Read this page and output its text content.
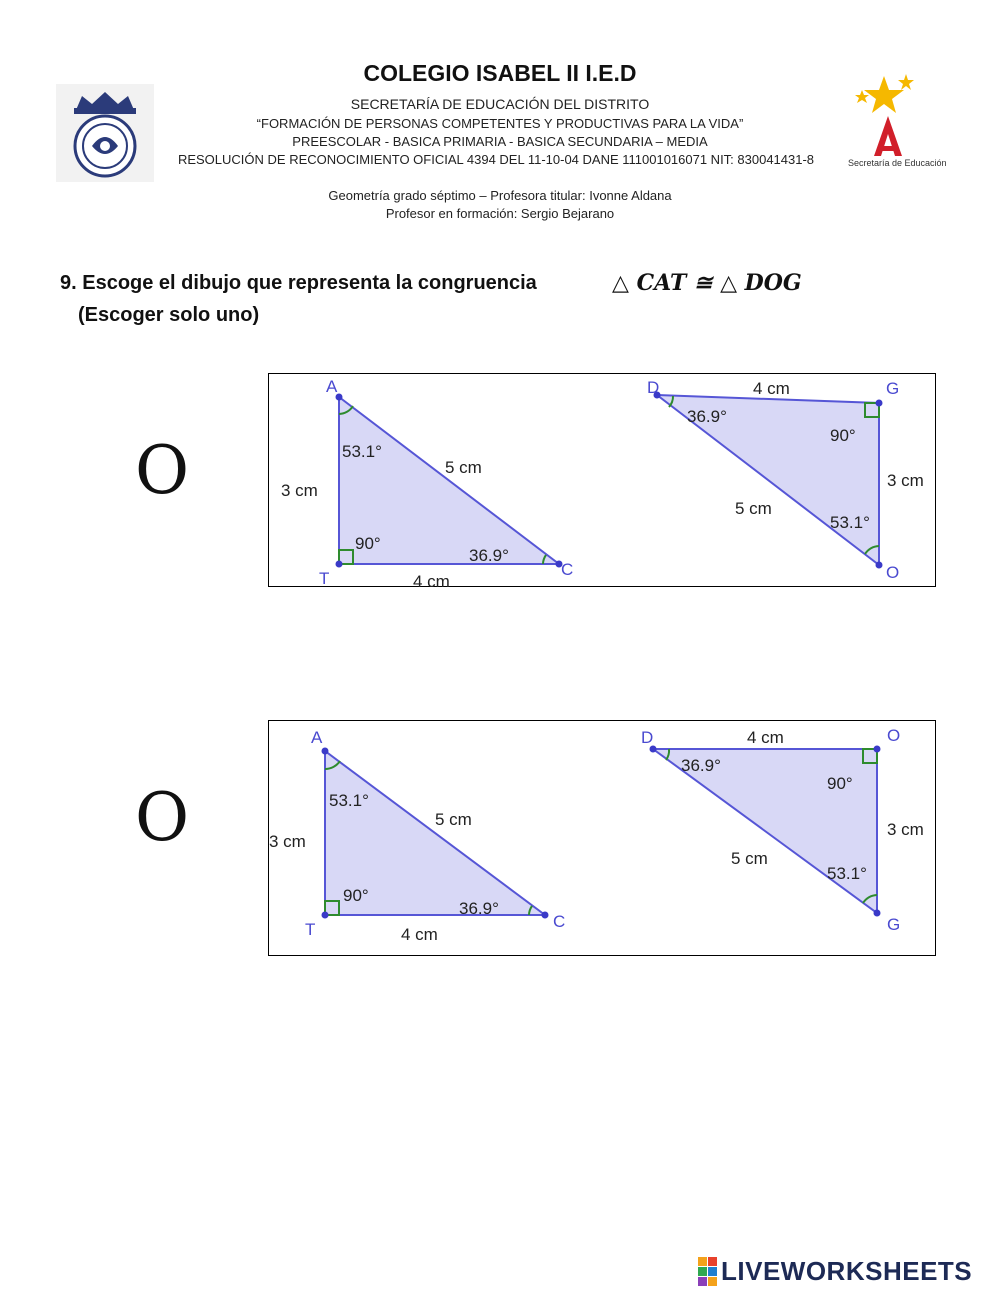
COLEGIO ISABEL II I.E.D
SECRETARÍA DE EDUCACIÓN DEL DISTRITO
“FORMACIÓN DE PERSONAS COMPETENTES Y PRODUCTIVAS PARA LA VIDA”
PREESCOLAR - BASICA PRIMARIA - BASICA SECUNDARIA – MEDIA
RESOLUCIÓN DE RECONOCIMIENTO OFICIAL 4394 DEL 11-10-04 DANE 111001016071 NIT: 830041431-8
Geometría grado séptimo – Profesora titular: Ivonne Aldana
Profesor en formación: Sergio Bejarano
Secretaría de Educación
9. Escoge el dibujo que representa la congruencia	△ CAT ≅ △ DOG
(Escoger solo uno)
O
A
T	C
3 cm
4 cm
5 cm
53.1°
90°
36.9°
D	G
O
4 cm
3 cm
5 cm
36.9°
90°
53.1°
O
A
T	C
3 cm
4 cm
5 cm
53.1°
90°
36.9°
D	O
G
4 cm
3 cm
5 cm
36.9°
90°
53.1°
LIVEWORKSHEETS
